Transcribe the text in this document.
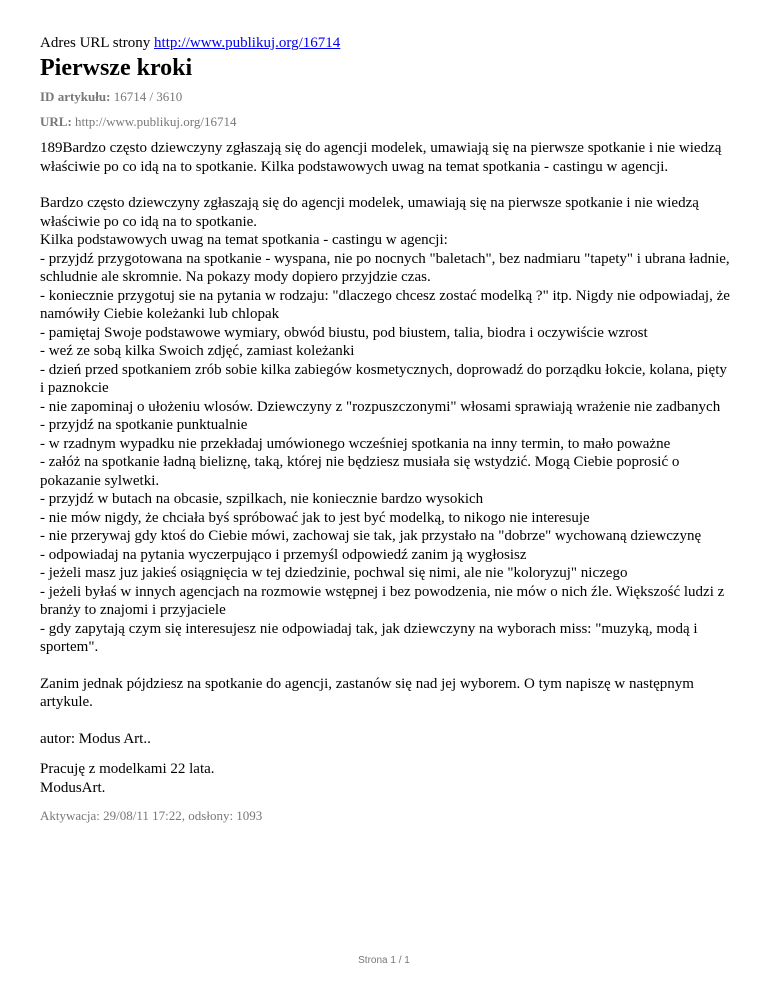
Adres URL strony http://www.publikuj.org/16714

Pierwsze kroki

ID artykułu: 16714 / 3610

URL: http://www.publikuj.org/16714

189Bardzo często dziewczyny zgłaszają się do agencji modelek, umawiają się na pierwsze spotkanie i nie wiedzą właściwie po co idą na to spotkanie. Kilka podstawowych uwag na temat spotkania - castingu w agencji.

Bardzo często dziewczyny zgłaszają się do agencji modelek, umawiają się na pierwsze spotkanie i nie wiedzą właściwie po co idą na to spotkanie.
Kilka podstawowych uwag na temat spotkania - castingu w agencji:
- przyjdź przygotowana na spotkanie - wyspana, nie po nocnych "baletach", bez nadmiaru "tapety" i ubrana ładnie, schludnie ale skromnie. Na pokazy mody dopiero przyjdzie czas.
- koniecznie przygotuj sie na pytania w rodzaju: "dlaczego chcesz zostać modelką ?" itp. Nigdy nie odpowiadaj, że namówiły Ciebie koleżanki lub chlopak
- pamiętaj Swoje podstawowe wymiary, obwód biustu, pod biustem, talia, biodra i oczywiście wzrost
- weź ze sobą kilka Swoich zdjęć, zamiast koleżanki
- dzień przed spotkaniem zrób sobie kilka zabiegów kosmetycznych, doprowadź do porządku łokcie, kolana, pięty i paznokcie
- nie zapominaj o ułożeniu wlosów. Dziewczyny z "rozpuszczonymi" włosami sprawiają wrażenie nie zadbanych
- przyjdź na spotkanie punktualnie
- w rzadnym wypadku nie przekładaj umówionego wcześniej spotkania na inny termin, to mało poważne
- załóż na spotkanie ładną bieliznę, taką, której nie będziesz musiała się wstydzić. Mogą Ciebie poprosić o pokazanie sylwetki.
- przyjdź w butach na obcasie, szpilkach, nie koniecznie bardzo wysokich
- nie mów nigdy, że chciała byś spróbować jak to jest być modelką, to nikogo nie interesuje
- nie przerywaj gdy ktoś do Ciebie mówi, zachowaj sie tak, jak przystało na "dobrze" wychowaną dziewczynę
- odpowiadaj na pytania wyczerpująco i przemyśl odpowiedź zanim ją wygłosisz
- jeżeli masz juz jakieś osiągnięcia w tej dziedzinie, pochwal się nimi, ale nie "koloryzuj" niczego
- jeżeli byłaś w innych agencjach na rozmowie wstępnej i bez powodzenia, nie mów o nich źle. Większość ludzi z branży to znajomi i przyjaciele
- gdy zapytają czym się interesujesz nie odpowiadaj tak, jak dziewczyny na wyborach miss: "muzyką, modą i sportem".

Zanim jednak pójdziesz na spotkanie do agencji, zastanów się nad jej wyborem. O tym napiszę w następnym artykule.

autor: Modus Art..

Pracuję z modelkami 22 lata.
ModusArt.

Aktywacja: 29/08/11 17:22, odsłony: 1093

Strona 1 / 1
